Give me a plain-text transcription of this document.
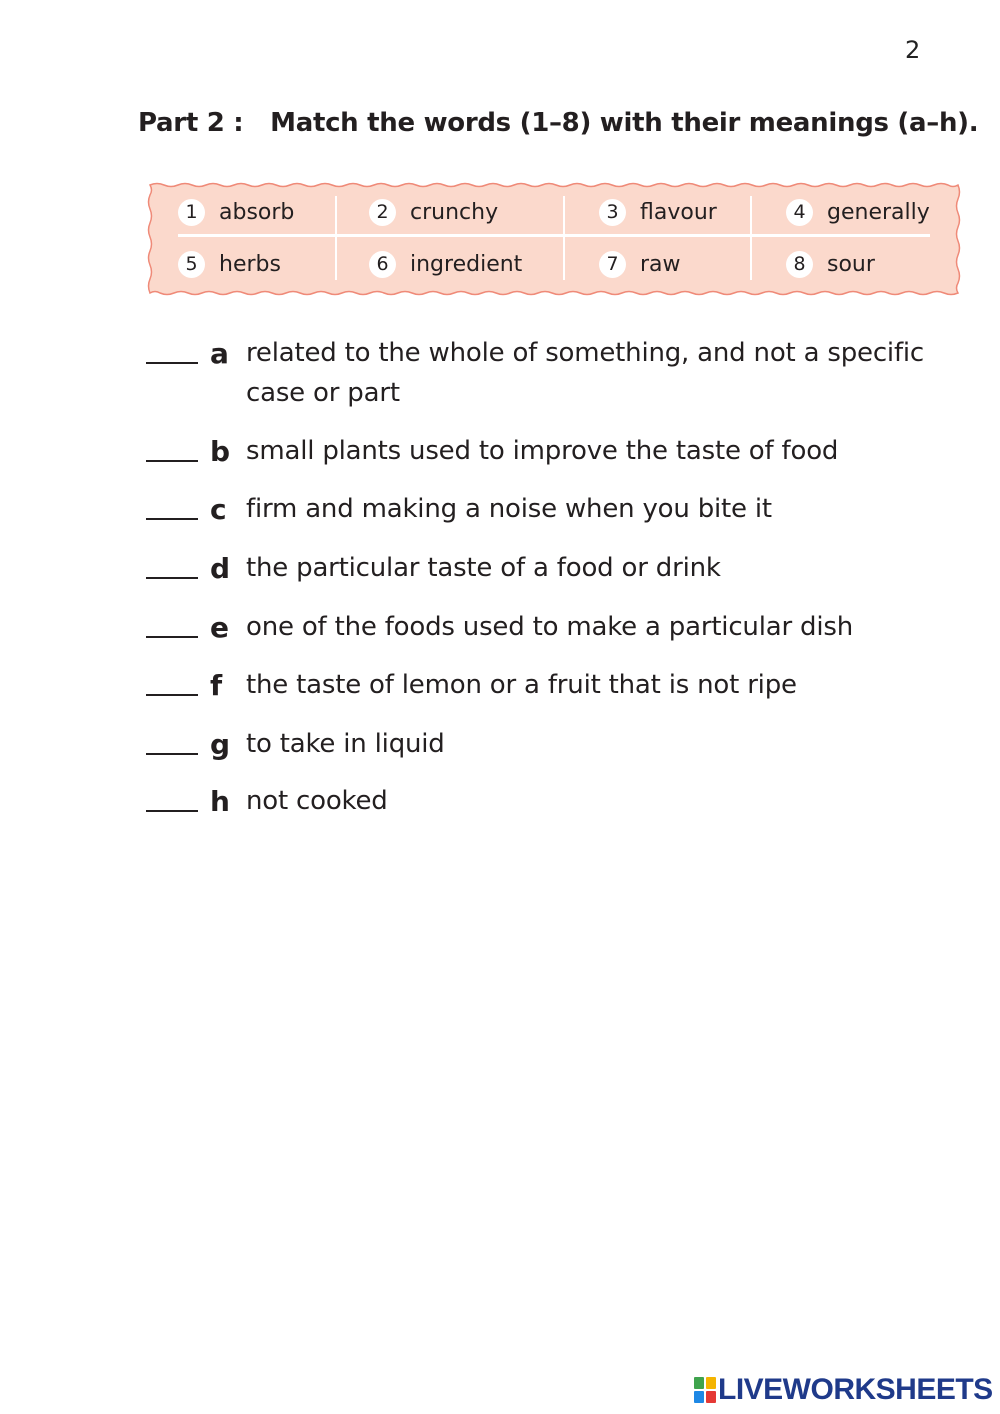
2
Part 2 : Match the words (1–8) with their meanings (a–h).
1 absorb	2 crunchy	3 flavour	4 generally
5 herbs	6 ingredient	7 raw	8 sour
a related to the whole of something, and not a specific case or part
b small plants used to improve the taste of food
c firm and making a noise when you bite it
d the particular taste of a food or drink
e one of the foods used to make a particular dish
f the taste of lemon or a fruit that is not ripe
g to take in liquid
h not cooked
LIVEWORKSHEETS
